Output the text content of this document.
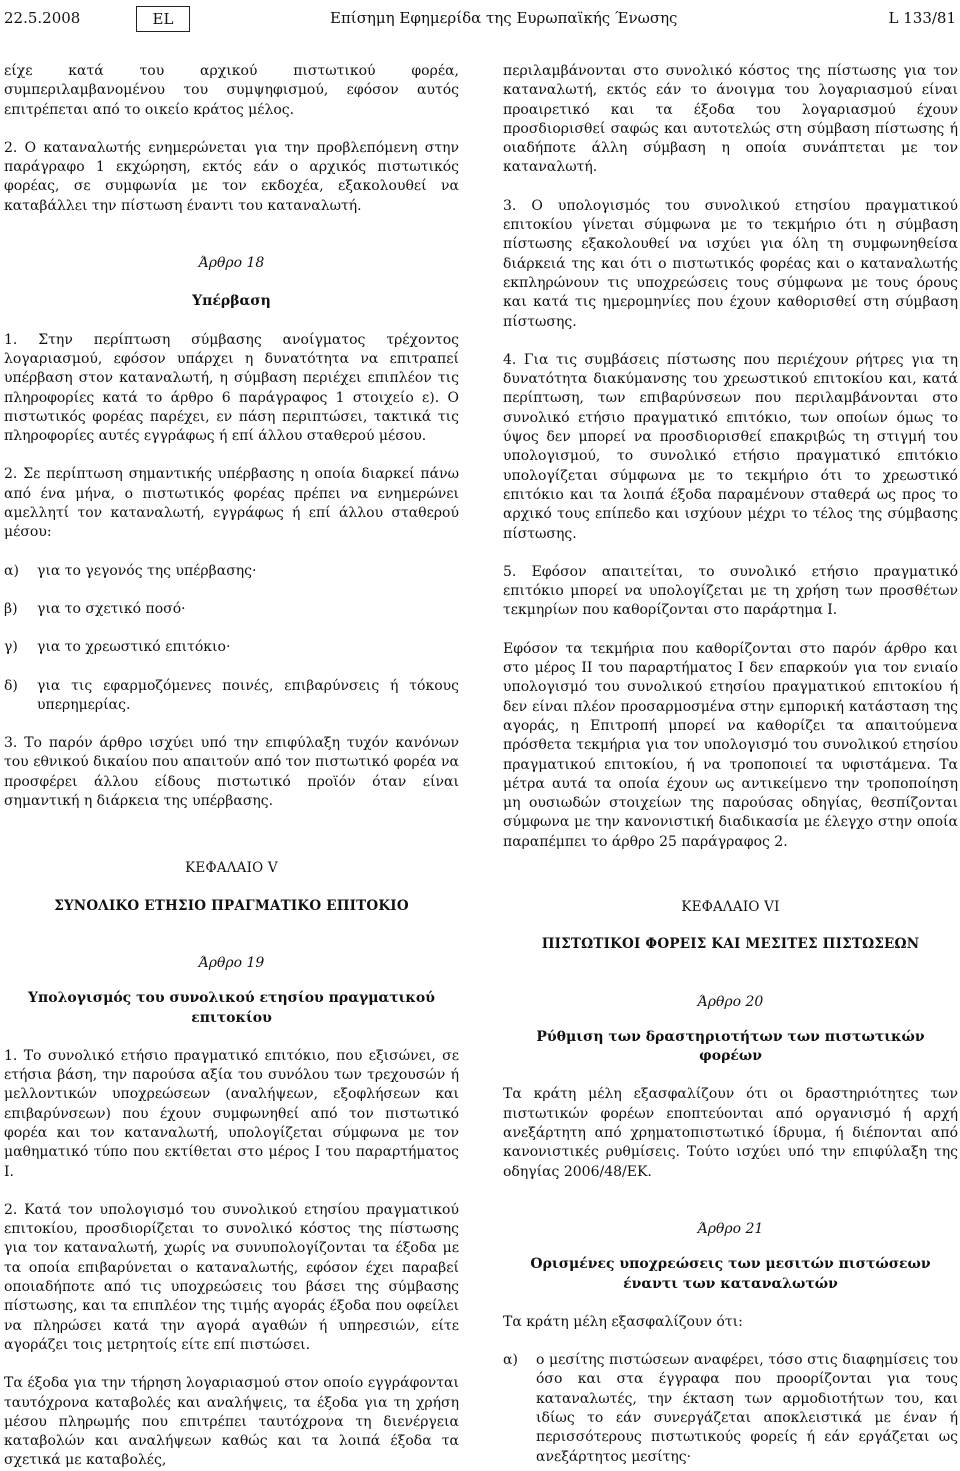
22.5.2008	EL	Επίσημη Εφημερίδα της Ευρωπαϊκής Ένωσης	L 133/81

είχε κατά του αρχικού πιστωτικού φορέα, συμπεριλαμβανομένου του συμψηφισμού, εφόσον αυτός επιτρέπεται από το οικείο κράτος μέλος.

2. Ο καταναλωτής ενημερώνεται για την προβλεπόμενη στην παράγραφο 1 εκχώρηση, εκτός εάν ο αρχικός πιστωτικός φορέας, σε συμφωνία με τον εκδοχέα, εξακολουθεί να καταβάλλει την πίστωση έναντι του καταναλωτή.

Άρθρο 18

Υπέρβαση

1. Στην περίπτωση σύμβασης ανοίγματος τρέχοντος λογαριασμού, εφόσον υπάρχει η δυνατότητα να επιτραπεί υπέρβαση στον καταναλωτή, η σύμβαση περιέχει επιπλέον τις πληροφορίες κατά το άρθρο 6 παράγραφος 1 στοιχείο ε). Ο πιστωτικός φορέας παρέχει, εν πάση περιπτώσει, τακτικά τις πληροφορίες αυτές εγγράφως ή επί άλλου σταθερού μέσου.

2. Σε περίπτωση σημαντικής υπέρβασης η οποία διαρκεί πάνω από ένα μήνα, ο πιστωτικός φορέας πρέπει να ενημερώνει αμελλητί τον καταναλωτή, εγγράφως ή επί άλλου σταθερού μέσου:

α)	για το γεγονός της υπέρβασης·
β)	για το σχετικό ποσό·
γ)	για το χρεωστικό επιτόκιο·
δ)	για τις εφαρμοζόμενες ποινές, επιβαρύνσεις ή τόκους υπερημερίας.

3. Το παρόν άρθρο ισχύει υπό την επιφύλαξη τυχόν κανόνων του εθνικού δικαίου που απαιτούν από τον πιστωτικό φορέα να προσφέρει άλλου είδους πιστωτικό προϊόν όταν είναι σημαντική η διάρκεια της υπέρβασης.

ΚΕΦΑΛΑΙΟ V

ΣΥΝΟΛΙΚΟ ΕΤΗΣΙΟ ΠΡΑΓΜΑΤΙΚΟ ΕΠΙΤΟΚΙΟ

Άρθρο 19

Υπολογισμός του συνολικού ετησίου πραγματικού επιτοκίου

1. Το συνολικό ετήσιο πραγματικό επιτόκιο, που εξισώνει, σε ετήσια βάση, την παρούσα αξία του συνόλου των τρεχουσών ή μελλοντικών υποχρεώσεων (αναλήψεων, εξοφλήσεων και επιβαρύνσεων) που έχουν συμφωνηθεί από τον πιστωτικό φορέα και τον καταναλωτή, υπολογίζεται σύμφωνα με τον μαθηματικό τύπο που εκτίθεται στο μέρος I του παραρτήματος I.

2. Κατά τον υπολογισμό του συνολικού ετησίου πραγματικού επιτοκίου, προσδιορίζεται το συνολικό κόστος της πίστωσης για τον καταναλωτή, χωρίς να συνυπολογίζονται τα έξοδα με τα οποία επιβαρύνεται ο καταναλωτής, εφόσον έχει παραβεί οποιαδήποτε από τις υποχρεώσεις του βάσει της σύμβασης πίστωσης, και τα επιπλέον της τιμής αγοράς έξοδα που οφείλει να πληρώσει κατά την αγορά αγαθών ή υπηρεσιών, είτε αγοράζει τοις μετρητοίς είτε επί πιστώσει.

Τα έξοδα για την τήρηση λογαριασμού στον οποίο εγγράφονται ταυτόχρονα καταβολές και αναλήψεις, τα έξοδα για τη χρήση μέσου πληρωμής που επιτρέπει ταυτόχρονα τη διενέργεια καταβολών και αναλήψεων καθώς και τα λοιπά έξοδα τα σχετικά με καταβολές,

περιλαμβάνονται στο συνολικό κόστος της πίστωσης για τον καταναλωτή, εκτός εάν το άνοιγμα του λογαριασμού είναι προαιρετικό και τα έξοδα του λογαριασμού έχουν προσδιορισθεί σαφώς και αυτοτελώς στη σύμβαση πίστωσης ή οιαδήποτε άλλη σύμβαση η οποία συνάπτεται με τον καταναλωτή.

3. Ο υπολογισμός του συνολικού ετησίου πραγματικού επιτοκίου γίνεται σύμφωνα με το τεκμήριο ότι η σύμβαση πίστωσης εξακολουθεί να ισχύει για όλη τη συμφωνηθείσα διάρκειά της και ότι ο πιστωτικός φορέας και ο καταναλωτής εκπληρώνουν τις υποχρεώσεις τους σύμφωνα με τους όρους και κατά τις ημερομηνίες που έχουν καθορισθεί στη σύμβαση πίστωσης.

4. Για τις συμβάσεις πίστωσης που περιέχουν ρήτρες για τη δυνατότητα διακύμανσης του χρεωστικού επιτοκίου και, κατά περίπτωση, των επιβαρύνσεων που περιλαμβάνονται στο συνολικό ετήσιο πραγματικό επιτόκιο, των οποίων όμως το ύψος δεν μπορεί να προσδιορισθεί επακριβώς τη στιγμή του υπολογισμού, το συνολικό ετήσιο πραγματικό επιτόκιο υπολογίζεται σύμφωνα με το τεκμήριο ότι το χρεωστικό επιτόκιο και τα λοιπά έξοδα παραμένουν σταθερά ως προς το αρχικό τους επίπεδο και ισχύουν μέχρι το τέλος της σύμβασης πίστωσης.

5. Εφόσον απαιτείται, το συνολικό ετήσιο πραγματικό επιτόκιο μπορεί να υπολογίζεται με τη χρήση των προσθέτων τεκμηρίων που καθορίζονται στο παράρτημα I.

Εφόσον τα τεκμήρια που καθορίζονται στο παρόν άρθρο και στο μέρος II του παραρτήματος I δεν επαρκούν για τον ενιαίο υπολογισμό του συνολικού ετησίου πραγματικού επιτοκίου ή δεν είναι πλέον προσαρμοσμένα στην εμπορική κατάσταση της αγοράς, η Επιτροπή μπορεί να καθορίζει τα απαιτούμενα πρόσθετα τεκμήρια για τον υπολογισμό του συνολικού ετησίου πραγματικού επιτοκίου, ή να τροποποιεί τα υφιστάμενα. Τα μέτρα αυτά τα οποία έχουν ως αντικείμενο την τροποποίηση μη ουσιωδών στοιχείων της παρούσας οδηγίας, θεσπίζονται σύμφωνα με την κανονιστική διαδικασία με έλεγχο στην οποία παραπέμπει το άρθρο 25 παράγραφος 2.

ΚΕΦΑΛΑΙΟ VI

ΠΙΣΤΩΤΙΚΟΙ ΦΟΡΕΙΣ ΚΑΙ ΜΕΣΙΤΕΣ ΠΙΣΤΩΣΕΩΝ

Άρθρο 20

Ρύθμιση των δραστηριοτήτων των πιστωτικών φορέων

Τα κράτη μέλη εξασφαλίζουν ότι οι δραστηριότητες των πιστωτικών φορέων εποπτεύονται από οργανισμό ή αρχή ανεξάρτητη από χρηματοπιστωτικό ίδρυμα, ή διέπονται από κανονιστικές ρυθμίσεις. Τούτο ισχύει υπό την επιφύλαξη της οδηγίας 2006/48/ΕΚ.

Άρθρο 21

Ορισμένες υποχρεώσεις των μεσιτών πιστώσεων έναντι των καταναλωτών

Τα κράτη μέλη εξασφαλίζουν ότι:

α)	ο μεσίτης πιστώσεων αναφέρει, τόσο στις διαφημίσεις του όσο και στα έγγραφα που προορίζονται για τους καταναλωτές, την έκταση των αρμοδιοτήτων του, και ιδίως το εάν συνεργάζεται αποκλειστικά με έναν ή περισσότερους πιστωτικούς φορείς ή εάν εργάζεται ως ανεξάρτητος μεσίτης·
